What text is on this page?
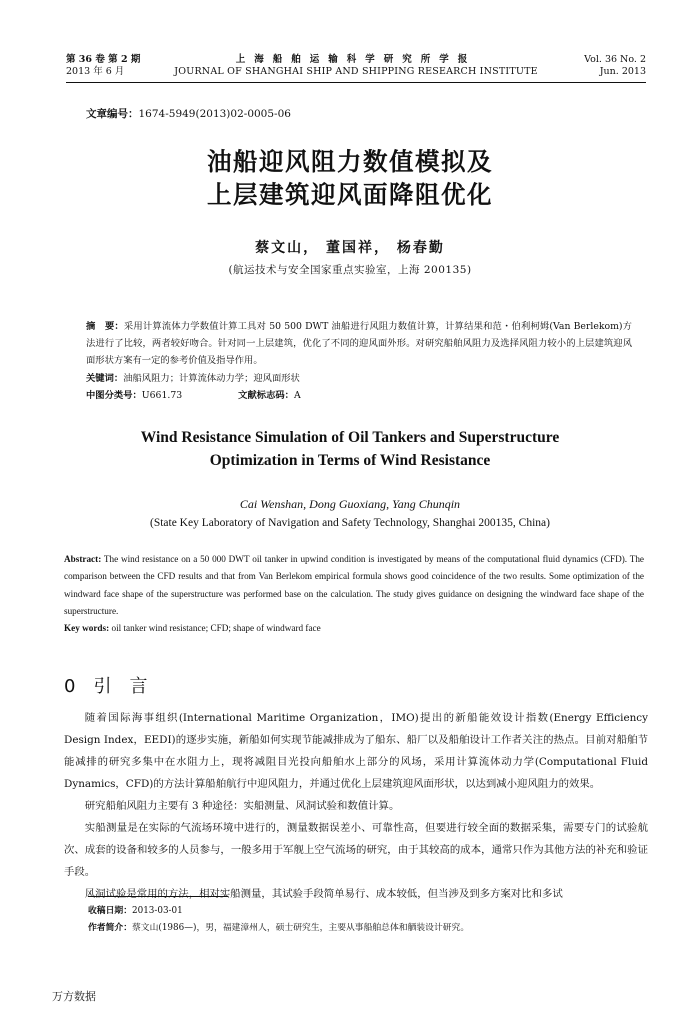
第 36 卷 第 2 期
2013 年 6 月
上海船舶运输科学研究所学报
JOURNAL OF SHANGHAI SHIP AND SHIPPING RESEARCH INSTITUTE
Vol. 36 No. 2
Jun. 2013
文章编号：1674-5949(2013)02-0005-06
油船迎风阻力数值模拟及
上层建筑迎风面降阻优化
蔡文山， 董国祥， 杨春勤
(航运技术与安全国家重点实验室，上海 200135)

摘　要：采用计算流体力学数值计算工具对 50 500 DWT 油船进行风阻力数值计算，计算结果和范・伯利柯姆(Van Berlekom)方法进行了比较，两者较好吻合。针对同一上层建筑，优化了不同的迎风面外形。对研究船舶风阻力及选择风阻力较小的上层建筑迎风面形状方案有一定的参考价值及指导作用。

关键词：油船风阻力；计算流体动力学；迎风面形状

中图分类号：U661.73	文献标志码：A

Wind Resistance Simulation of Oil Tankers and Superstructure
Optimization in Terms of Wind Resistance
Cai Wenshan, Dong Guoxiang, Yang Chunqin
(State Key Laboratory of Navigation and Safety Technology, Shanghai 200135, China)

Abstract: The wind resistance on a 50 000 DWT oil tanker in upwind condition is investigated by means of the computational fluid dynamics (CFD). The comparison between the CFD results and that from Van Berlekom empirical formula shows good coincidence of the two results. Some optimization of the windward face shape of the superstructure was performed base on the calculation. The study gives guidance on designing the windward face shape of the superstructure.

Key words: oil tanker wind resistance; CFD; shape of windward face

0 引言

随着国际海事组织(International Maritime Organization，IMO)提出的新船能效设计指数(Energy Efficiency Design Index，EEDI)的逐步实施，新船如何实现节能减排成为了船东、船厂以及船舶设计工作者关注的热点。目前对船舶节能减排的研究多集中在水阻力上，现将减阻目光投向船舶水上部分的风场，采用计算流体动力学(Computational Fluid Dynamics，CFD)的方法计算船舶航行中迎风阻力，并通过优化上层建筑迎风面形状，以达到减小迎风阻力的效果。

研究船舶风阻力主要有 3 种途径：实船测量、风洞试验和数值计算。

实船测量是在实际的气流场环境中进行的，测量数据误差小、可靠性高，但要进行较全面的数据采集，需要专门的试验航次、成套的设备和较多的人员参与，一般多用于军舰上空气流场的研究，由于其较高的成本，通常只作为其他方法的补充和验证手段。

风洞试验是常用的方法，相对实船测量，其试验手段简单易行、成本较低，但当涉及到多方案对比和多试

收稿日期：2013-03-01

作者简介：蔡文山(1986—)，男，福建漳州人，硕士研究生，主要从事船舶总体和舾装设计研究。

万方数据
